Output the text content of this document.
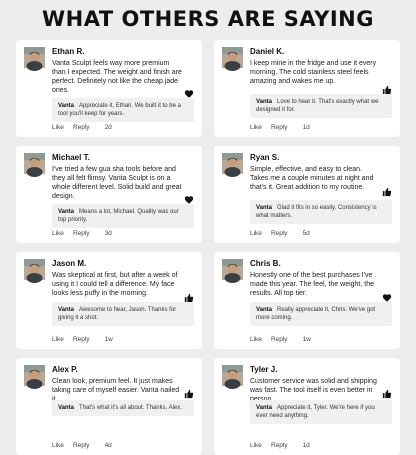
WHAT OTHERS ARE SAYING
Ethan R.
Vanta Sculpt feels way more premium than I expected. The weight and finish are perfect. Definitely not like the cheap jade ones.
Vanta Appreciate it, Ethan. We built it to be a tool you'll keep for years.
Like Reply 2d
Daniel K.
I keep mine in the fridge and use it every morning. The cold stainless steel feels amazing and wakes me up.
Vanta Love to hear it. That's exactly what we designed it for.
Like Reply 1d
Michael T.
I've tried a few gua sha tools before and they all felt flimsy. Vanta Sculpt is on a whole different level. Solid build and great design.
Vanta Means a lot, Michael. Quality was our top priority.
Like Reply 3d
Ryan S.
Simple, effective, and easy to clean. Takes me a couple minutes at night and that's it. Great addition to my routine.
Vanta Glad it fits in so easily. Consistency is what matters.
Like Reply 5d
Jason M.
Was skeptical at first, but after a week of using it I could tell a difference. My face looks less puffy in the morning.
Vanta Awesome to hear, Jason. Thanks for giving it a shot.
Like Reply 1w
Chris B.
Honestly one of the best purchases I've made this year. The feel, the weight, the results. All top tier.
Vanta Really appreciate it, Chris. We've got more coming.
Like Reply 1w
Alex P.
Clean look, premium feel. It just makes taking care of myself easier. Vanta nailed
Vanta That's what it's all about. Thanks, Alex.
Like Reply 4d
Tyler J.
Customer service was solid and shipping was fast. The tool itself is even better in
Vanta Appreciate it, Tyler. We're here if you ever need anything.
Like Reply 1d
